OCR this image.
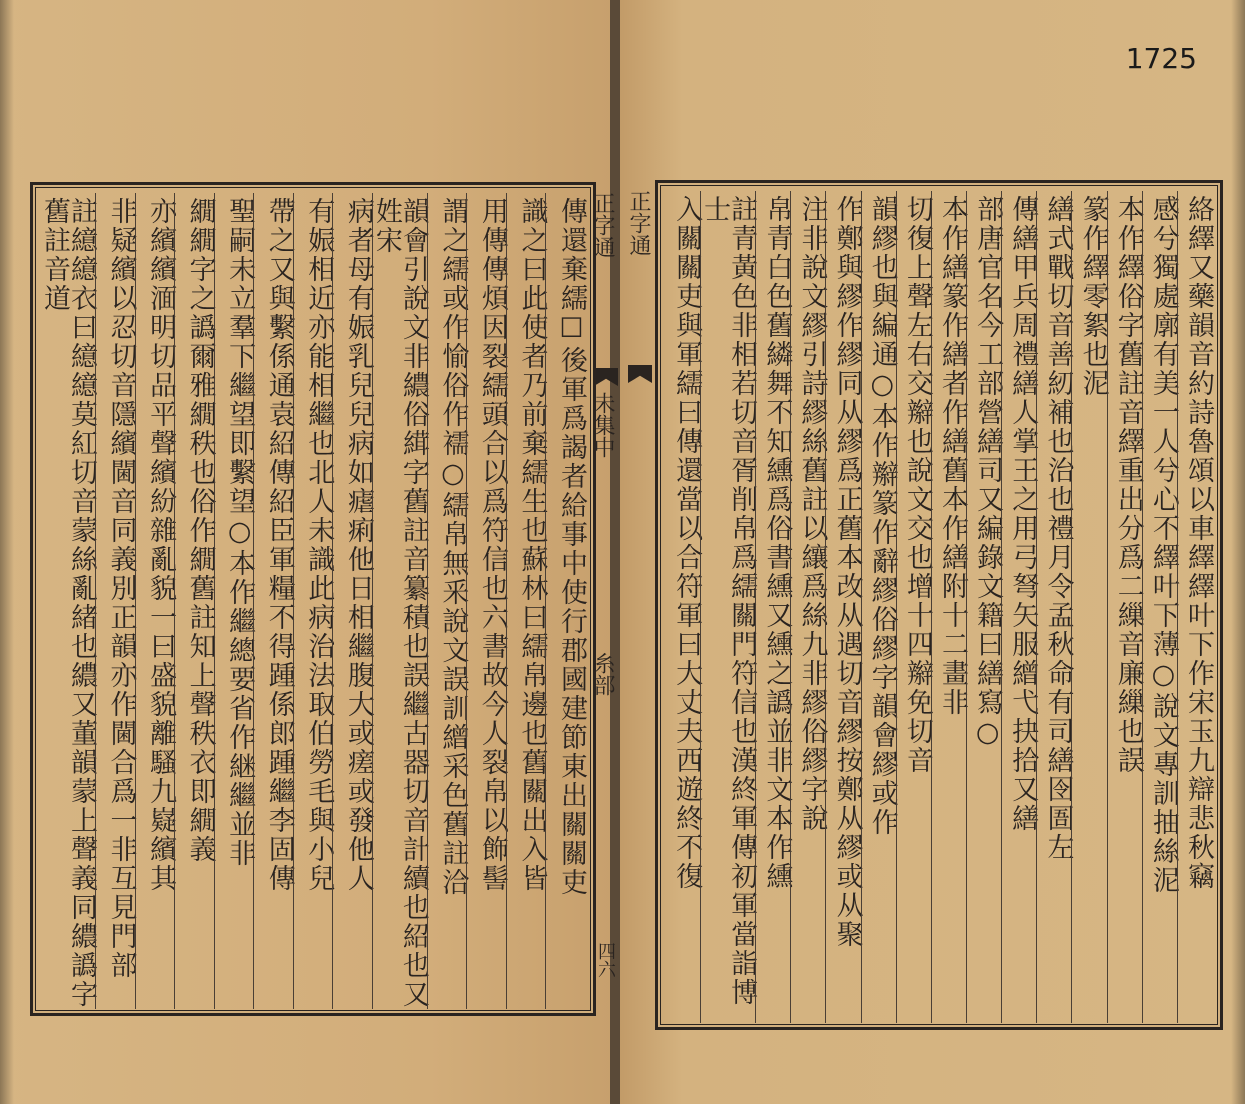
傳還棄繻☐後軍爲謁者給事中使行郡國建節東出關關吏
識之曰此使者乃前棄繻生也蘇林曰繻帛邊也舊關出入皆
用傳傳煩因裂繻頭合以爲符信也六書故今人裂帛以飾髻
謂之繻或作愉俗作襦○繻帛無釆說文誤訓繒采色舊註洽
韻會引說文非繷俗縙字舊註音纂積也誤繼古器切音計續也紹也又姓宋
病者母有娠乳兒兒病如瘧痢他日相繼腹大或瘥或發他人
有娠相近亦能相繼也北人未識此病治法取伯勞毛與小兒
帶之又與繫係通袁紹傳紹臣軍糧不得踵係郎踵繼李固傳
聖嗣未立羣下繼望即繫望○本作繼總要省作継繼並非
繝繝字之譌爾雅繝秩也俗作繝舊註知上聲秩衣即繝義
亦繽繽湎明切品平聲繽紛雜亂貌一曰盛貌離騷九嶷繽其
非疑繽以忍切音隱繽閫音同義別正韻亦作閫合爲一非互見門部
註繶繶衣曰繶繶莫紅切音蒙絲亂緒也繷又董韻蒙上聲義同繷譌字舊註音道	正字通
未集中
糸部
四六
1725
正字通	絡繹又藥韻音約詩魯頌以車繹繹叶下作宋玉九辯悲秋竊
感兮獨處廓有美一人兮心不繹叶下薄○說文專訓抽絲泥
本作繹俗字舊註音繹重出分爲二繅音廉繅也誤
篆作繹零絮也泥
繕式戰切音善紉補也治也禮月令孟秋命有司繕囹圄左
傳繕甲兵周禮繕人掌王之用弓弩矢服繒弋抉拾又繕
部唐官名今工部營繕司又編錄文籍曰繕寫○
本作繕篆作繕者作繕舊本作繕附十二畫非
切復上聲左右交辮也說文交也增十四辮免切音
韻繆也與編通○本作辮篆作辭繆俗繆字韻會繆或作
作鄭與繆作繆同从繆爲正舊本改从遇切音繆按鄭从繆或从聚
注非說文繆引詩繆絲舊註以纕爲絲九非繆俗繆字說
帛青白色舊繗舞不知纁爲俗書纁又纁之譌並非文本作纁
註青黃色非相若切音胥削帛爲繻關門符信也漢終軍傳初軍當詣博士
入關關吏與軍繻曰傳還當以合符軍曰大丈夫西遊終不復
